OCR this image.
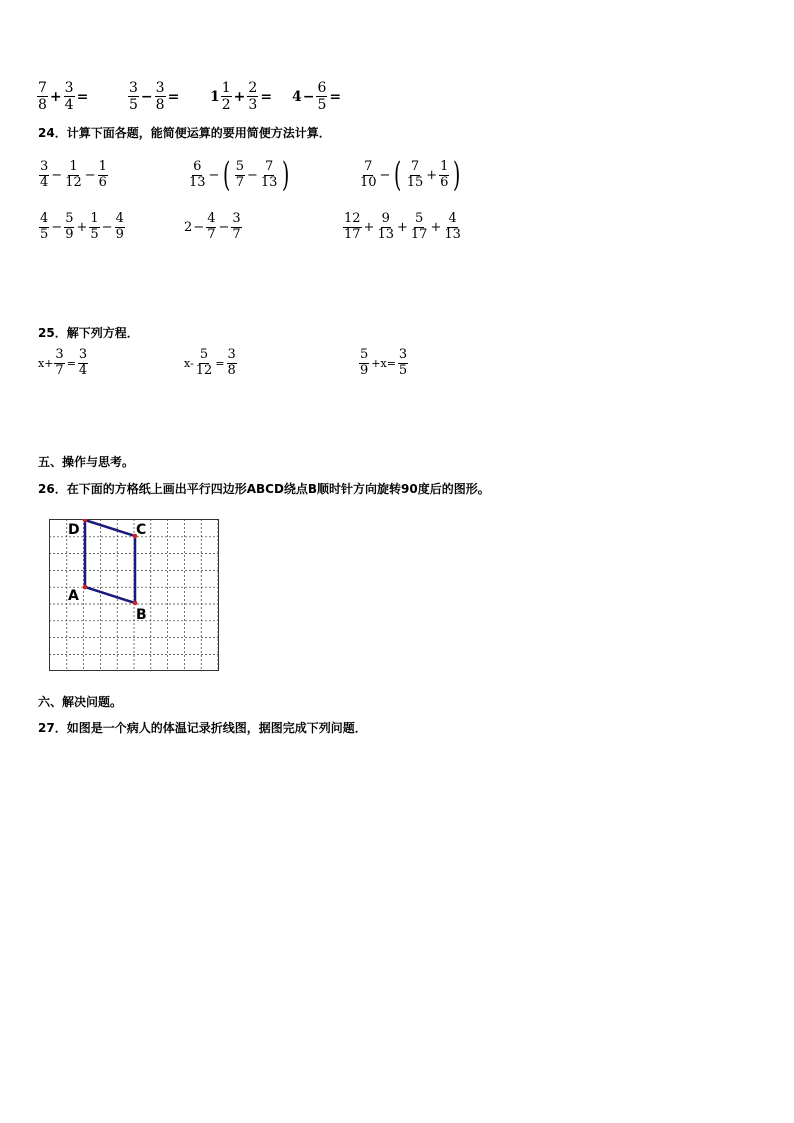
$\frac{7}{8} + \frac{3}{4}$ =	$\frac{3}{5} - \frac{3}{8} = 1 \frac{1}{2} + \frac{2}{3} = 4 - \frac{6}{5}$ =
24．计算下面各题，能简便运算的要用简便方法计算．
$\frac{3}{4} - \frac{1}{12} - \frac{1}{6}$	$\frac{6}{13}$ − ( $\frac{5}{7} - \frac{7}{13}$ )	$\frac{7}{10}$ − ( $\frac{7}{15} + \frac{1}{6}$ )
$\frac{4}{5} - \frac{5}{9} + \frac{1}{5} - \frac{4}{9}$	$2 - \frac{4}{7} - \frac{3}{7}$	$\frac{12}{17} + \frac{9}{13} + \frac{5}{17} + \frac{4}{13}$
25．解下列方程．
$x+ \frac{3}{7} = \frac{3}{4}$	$x- \frac{5}{12} = \frac{3}{8}$	$\frac{5}{9} +x= \frac{3}{5}$
五、操作与思考。
26．在下面的方格纸上画出平行四边形ABCD绕点B顺时针方向旋转90度后的图形。
D	C
A
B
六、解决问题。
27．如图是一个病人的体温记录折线图，据图完成下列问题．
